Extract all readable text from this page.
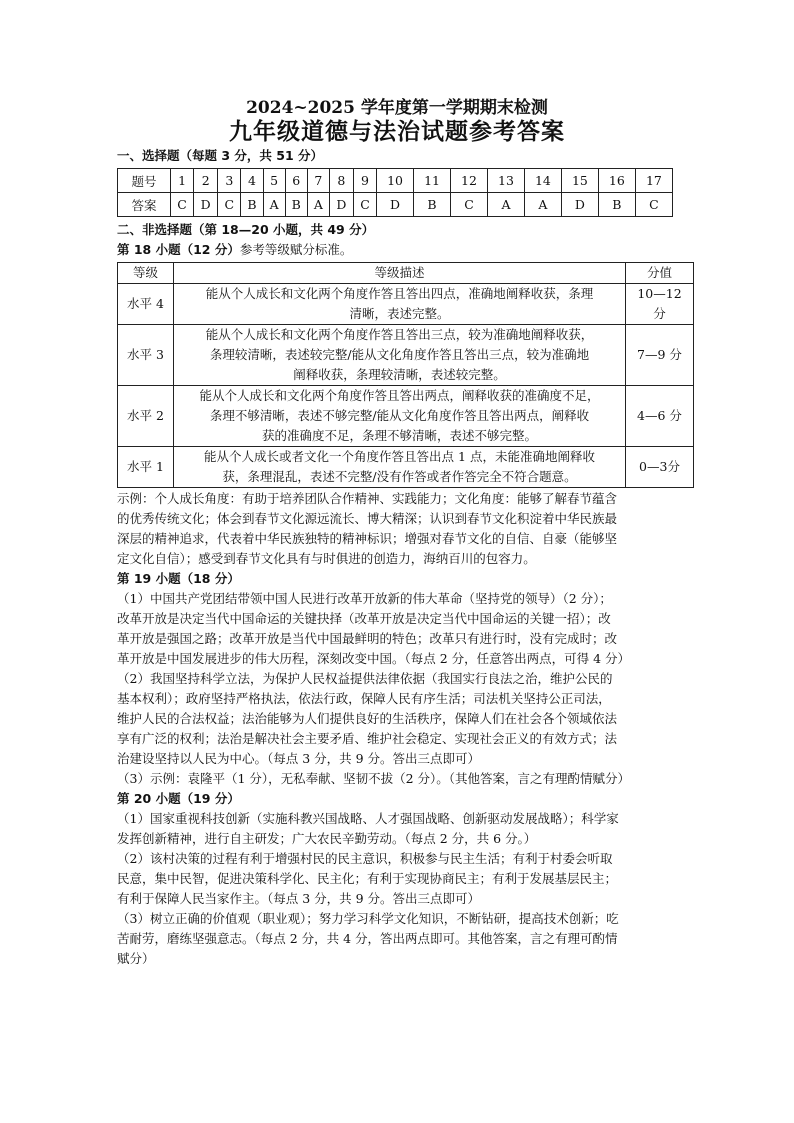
2024~2025 学年度第一学期期末检测
九年级道德与法治试题参考答案
一、选择题（每题 3 分，共 51 分）
题号	1	2	3	4	5	6	7	8	9	10	11	12	13	14	15	16	17
答案	C	D	C	B	A	B	A	D	C	D	B	C	A	A	D	B	C
二、非选择题（第 18—20 小题，共 49 分）
第 18 小题（12 分）参考等级赋分标准。
等级	等级描述	分值
水平 4	能从个人成长和文化两个角度作答且答出四点，准确地阐释收获，条理
清晰，表述完整。	10—12 分
水平 3	能从个人成长和文化两个角度作答且答出三点，较为准确地阐释收获，
条理较清晰，表述较完整/能从文化角度作答且答出三点，较为准确地
阐释收获，条理较清晰，表述较完整。	7—9 分
水平 2	能从个人成长和文化两个角度作答且答出两点，阐释收获的准确度不足，
条理不够清晰，表述不够完整/能从文化角度作答且答出两点，阐释收
获的准确度不足，条理不够清晰，表述不够完整。	4—6 分
水平 1	能从个人成长或者文化一个角度作答且答出点 1 点，未能准确地阐释收
获，条理混乱，表述不完整/没有作答或者作答完全不符合题意。	0—3分
示例：个人成长角度：有助于培养团队合作精神、实践能力；文化角度：能够了解春节蕴含
的优秀传统文化；体会到春节文化源远流长、博大精深；认识到春节文化积淀着中华民族最
深层的精神追求，代表着中华民族独特的精神标识；增强对春节文化的自信、自豪（能够坚
定文化自信）；感受到春节文化具有与时俱进的创造力，海纳百川的包容力。
第 19 小题（18 分）
（1）中国共产党团结带领中国人民进行改革开放新的伟大革命（坚持党的领导）（2 分）；
改革开放是决定当代中国命运的关键抉择（改革开放是决定当代中国命运的关键一招）；改
革开放是强国之路；改革开放是当代中国最鲜明的特色；改革只有进行时，没有完成时；改
革开放是中国发展进步的伟大历程，深刻改变中国。（每点 2 分，任意答出两点，可得 4 分）
（2）我国坚持科学立法，为保护人民权益提供法律依据（我国实行良法之治，维护公民的
基本权利）；政府坚持严格执法，依法行政，保障人民有序生活；司法机关坚持公正司法，
维护人民的合法权益；法治能够为人们提供良好的生活秩序，保障人们在社会各个领域依法
享有广泛的权利；法治是解决社会主要矛盾、维护社会稳定、实现社会正义的有效方式；法
治建设坚持以人民为中心。（每点 3 分，共 9 分。答出三点即可）
（3）示例：袁隆平（1 分），无私奉献、坚韧不拔（2 分）。（其他答案，言之有理酌情赋分）
第 20 小题（19 分）
（1）国家重视科技创新（实施科教兴国战略、人才强国战略、创新驱动发展战略）；科学家
发挥创新精神，进行自主研发；广大农民辛勤劳动。（每点 2 分，共 6 分。）
（2）该村决策的过程有利于增强村民的民主意识，积极参与民主生活；有利于村委会听取
民意，集中民智，促进决策科学化、民主化；有利于实现协商民主；有利于发展基层民主；
有利于保障人民当家作主。（每点 3 分，共 9 分。答出三点即可）
（3）树立正确的价值观（职业观）；努力学习科学文化知识，不断钻研，提高技术创新；吃
苦耐劳，磨练坚强意志。（每点 2 分，共 4 分，答出两点即可。其他答案，言之有理可酌情
赋分）
